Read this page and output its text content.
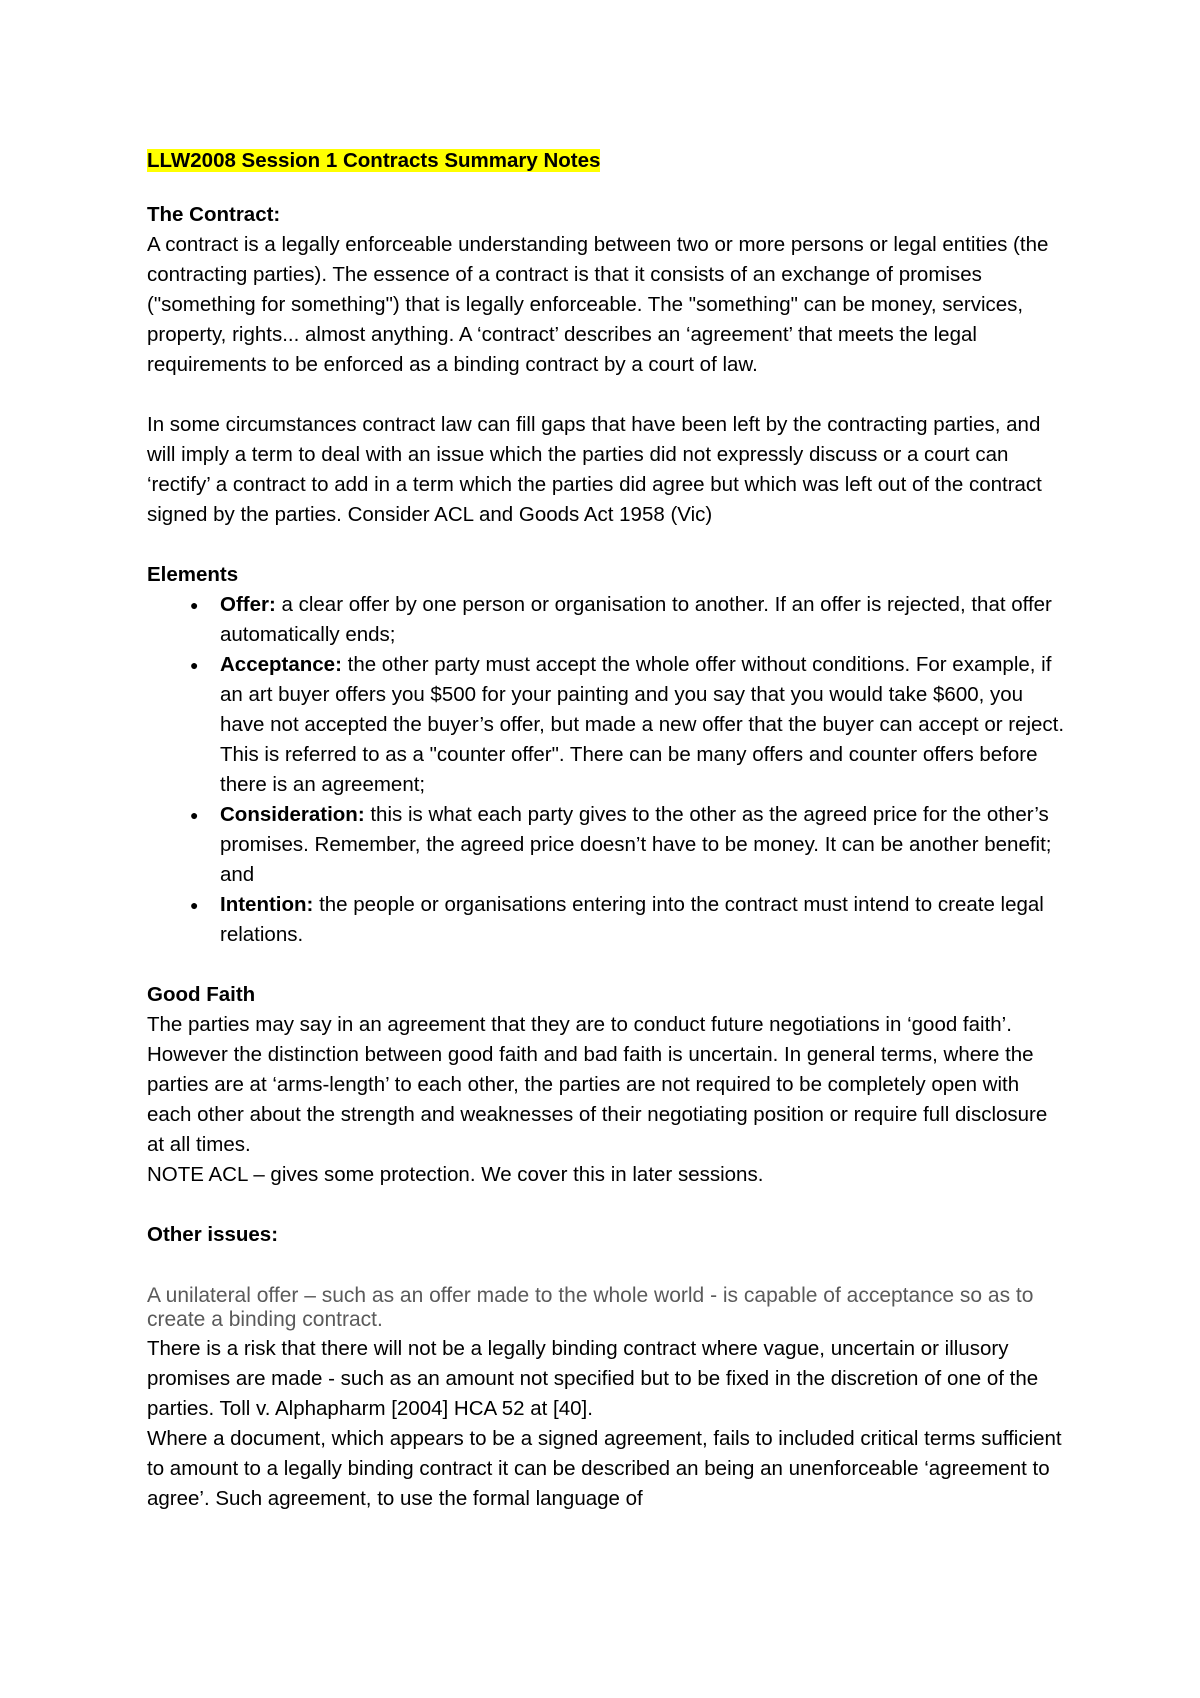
LLW2008 Session 1 Contracts Summary Notes

The Contract:

A contract is a legally enforceable understanding between two or more persons or legal entities (the contracting parties). The essence of a contract is that it consists of an exchange of promises ("something for something") that is legally enforceable. The "something" can be money, services, property, rights... almost anything. A ‘contract’ describes an ‘agreement’ that meets the legal requirements to be enforced as a binding contract by a court of law.

In some circumstances contract law can fill gaps that have been left by the contracting parties, and will imply a term to deal with an issue which the parties did not expressly discuss or a court can ‘rectify’ a contract to add in a term which the parties did agree but which was left out of the contract signed by the parties. Consider ACL and Goods Act 1958 (Vic)

Elements

● Offer: a clear offer by one person or organisation to another. If an offer is rejected, that offer automatically ends;
● Acceptance: the other party must accept the whole offer without conditions. For example, if an art buyer offers you $500 for your painting and you say that you would take $600, you have not accepted the buyer’s offer, but made a new offer that the buyer can accept or reject. This is referred to as a "counter offer". There can be many offers and counter offers before there is an agreement;
● Consideration: this is what each party gives to the other as the agreed price for the other’s promises. Remember, the agreed price doesn’t have to be money. It can be another benefit; and
● Intention: the people or organisations entering into the contract must intend to create legal relations.

Good Faith

The parties may say in an agreement that they are to conduct future negotiations in ‘good faith’. However the distinction between good faith and bad faith is uncertain. In general terms, where the parties are at ‘arms-length’ to each other, the parties are not required to be completely open with each other about the strength and weaknesses of their negotiating position or require full disclosure at all times.

NOTE ACL – gives some protection. We cover this in later sessions.

Other issues:

A unilateral offer – such as an offer made to the whole world - is capable of acceptance so as to create a binding contract.

There is a risk that there will not be a legally binding contract where vague, uncertain or illusory promises are made - such as an amount not specified but to be fixed in the discretion of one of the parties. Toll v. Alphapharm [2004] HCA 52 at [40].

Where a document, which appears to be a signed agreement, fails to included critical terms sufficient to amount to a legally binding contract it can be described an being an unenforceable ‘agreement to agree’. Such agreement, to use the formal language of
